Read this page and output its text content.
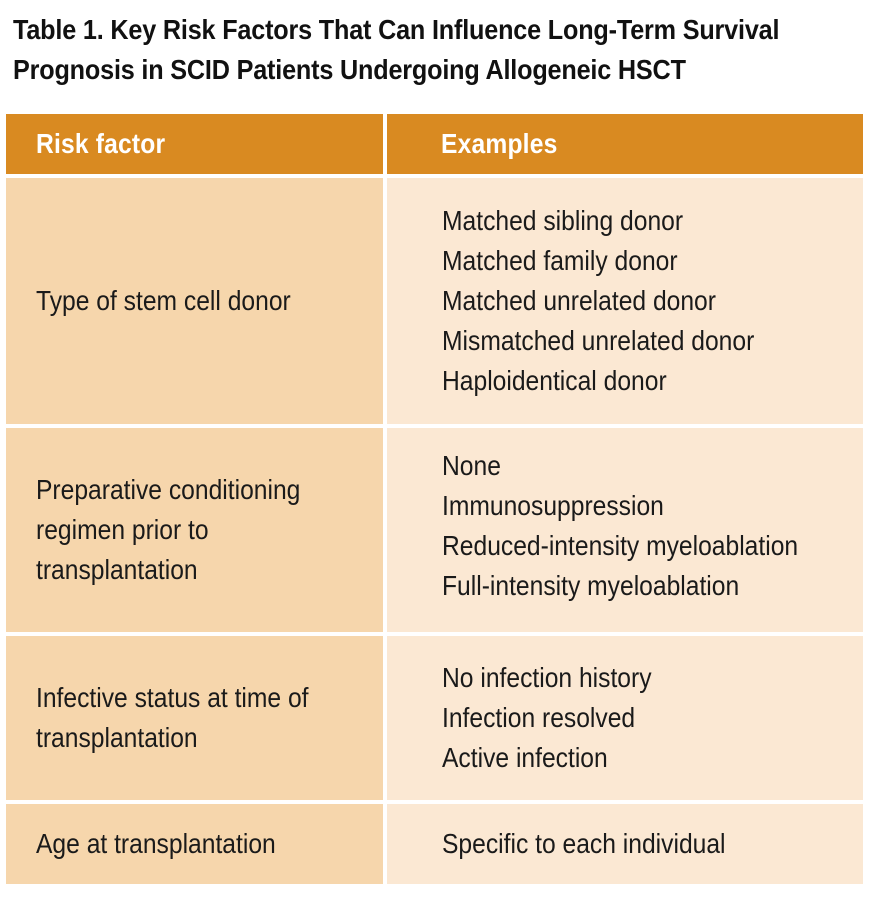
Table 1. Key Risk Factors That Can Influence Long-Term Survival
Prognosis in SCID Patients Undergoing Allogeneic HSCT
Risk factor	Examples
Type of stem cell donor	Matched sibling donor
Matched family donor
Matched unrelated donor
Mismatched unrelated donor
Haploidentical donor

Preparative conditioning regimen prior to transplantation	None
Immunosuppression
Reduced-intensity myeloablation
Full-intensity myeloablation

Infective status at time of transplantation	No infection history
Infection resolved
Active infection

Age at transplantation	Specific to each individual
